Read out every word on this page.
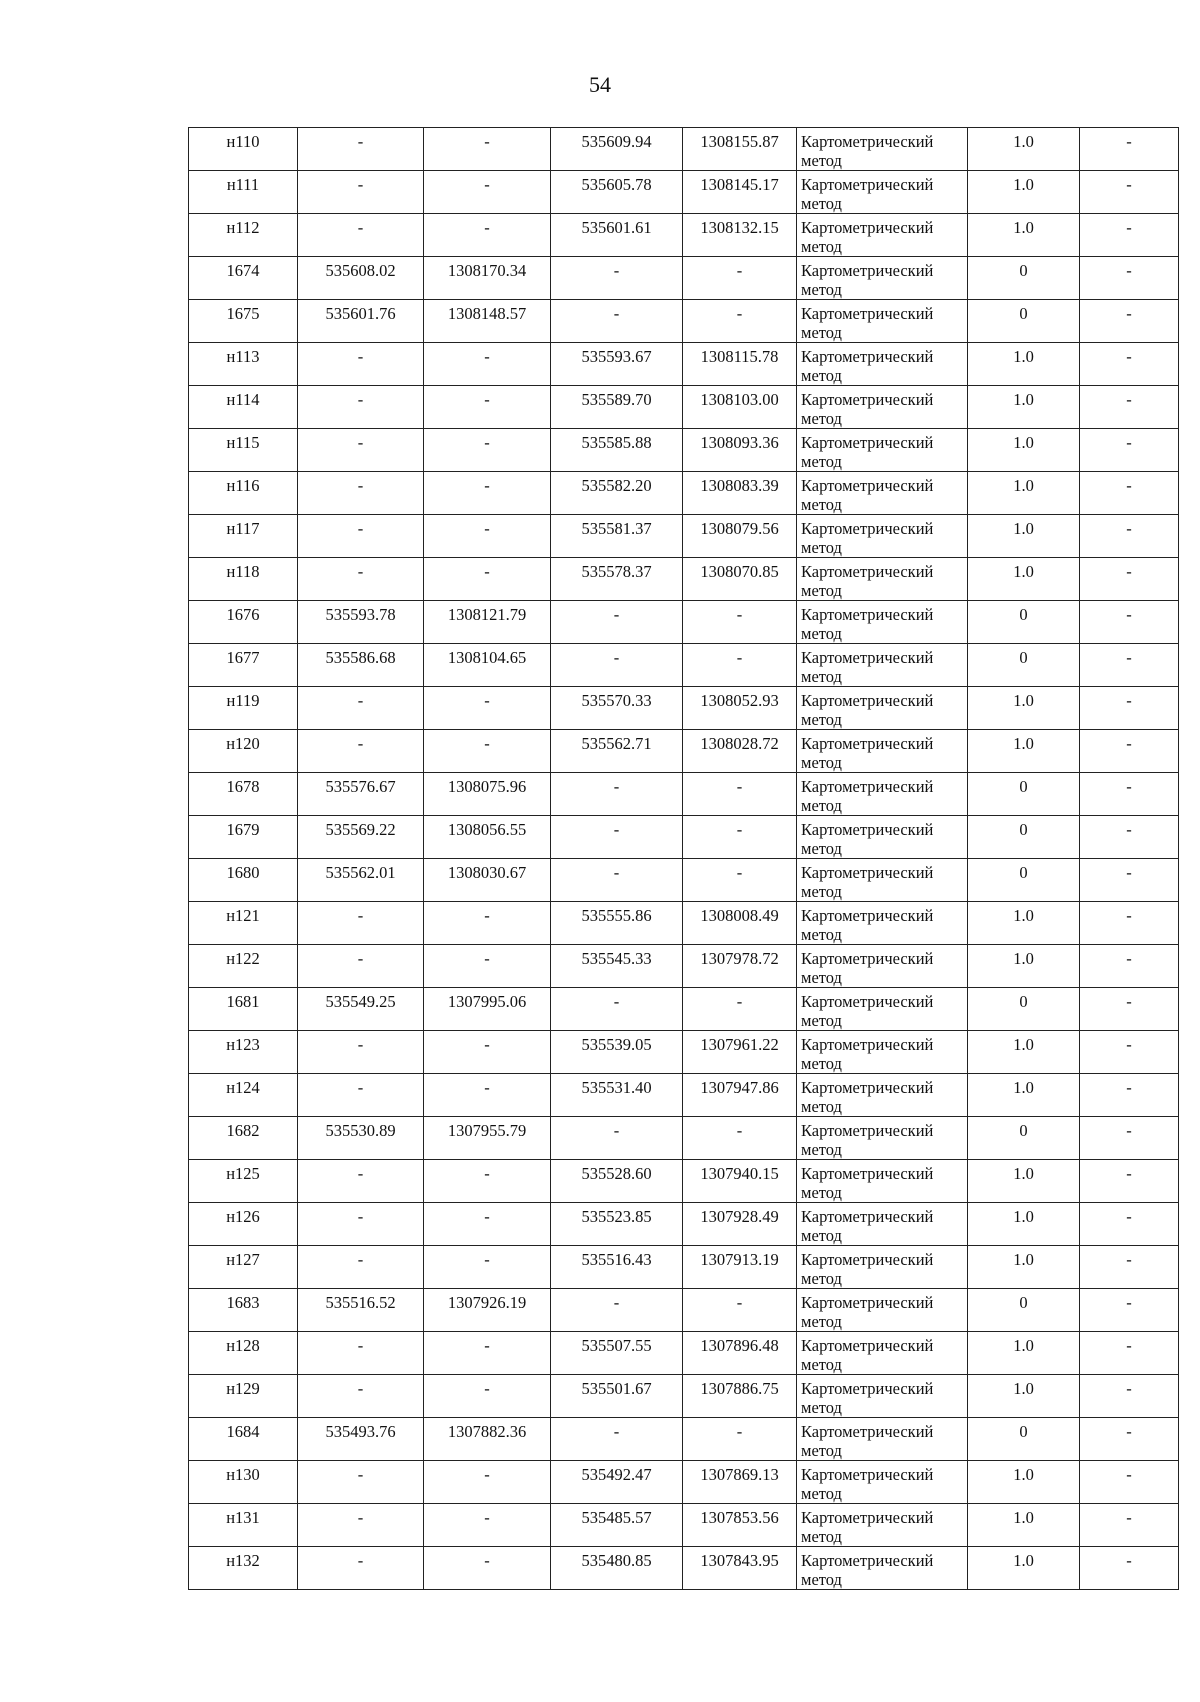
54
н110	-	-	535609.94	1308155.87	Картометрический метод	1.0	-
н111	-	-	535605.78	1308145.17	Картометрический метод	1.0	-
н112	-	-	535601.61	1308132.15	Картометрический метод	1.0	-
1674	535608.02	1308170.34	-	-	Картометрический метод	0	-
1675	535601.76	1308148.57	-	-	Картометрический метод	0	-
н113	-	-	535593.67	1308115.78	Картометрический метод	1.0	-
н114	-	-	535589.70	1308103.00	Картометрический метод	1.0	-
н115	-	-	535585.88	1308093.36	Картометрический метод	1.0	-
н116	-	-	535582.20	1308083.39	Картометрический метод	1.0	-
н117	-	-	535581.37	1308079.56	Картометрический метод	1.0	-
н118	-	-	535578.37	1308070.85	Картометрический метод	1.0	-
1676	535593.78	1308121.79	-	-	Картометрический метод	0	-
1677	535586.68	1308104.65	-	-	Картометрический метод	0	-
н119	-	-	535570.33	1308052.93	Картометрический метод	1.0	-
н120	-	-	535562.71	1308028.72	Картометрический метод	1.0	-
1678	535576.67	1308075.96	-	-	Картометрический метод	0	-
1679	535569.22	1308056.55	-	-	Картометрический метод	0	-
1680	535562.01	1308030.67	-	-	Картометрический метод	0	-
н121	-	-	535555.86	1308008.49	Картометрический метод	1.0	-
н122	-	-	535545.33	1307978.72	Картометрический метод	1.0	-
1681	535549.25	1307995.06	-	-	Картометрический метод	0	-
н123	-	-	535539.05	1307961.22	Картометрический метод	1.0	-
н124	-	-	535531.40	1307947.86	Картометрический метод	1.0	-
1682	535530.89	1307955.79	-	-	Картометрический метод	0	-
н125	-	-	535528.60	1307940.15	Картометрический метод	1.0	-
н126	-	-	535523.85	1307928.49	Картометрический метод	1.0	-
н127	-	-	535516.43	1307913.19	Картометрический метод	1.0	-
1683	535516.52	1307926.19	-	-	Картометрический метод	0	-
н128	-	-	535507.55	1307896.48	Картометрический метод	1.0	-
н129	-	-	535501.67	1307886.75	Картометрический метод	1.0	-
1684	535493.76	1307882.36	-	-	Картометрический метод	0	-
н130	-	-	535492.47	1307869.13	Картометрический метод	1.0	-
н131	-	-	535485.57	1307853.56	Картометрический метод	1.0	-
н132	-	-	535480.85	1307843.95	Картометрический метод	1.0	-
